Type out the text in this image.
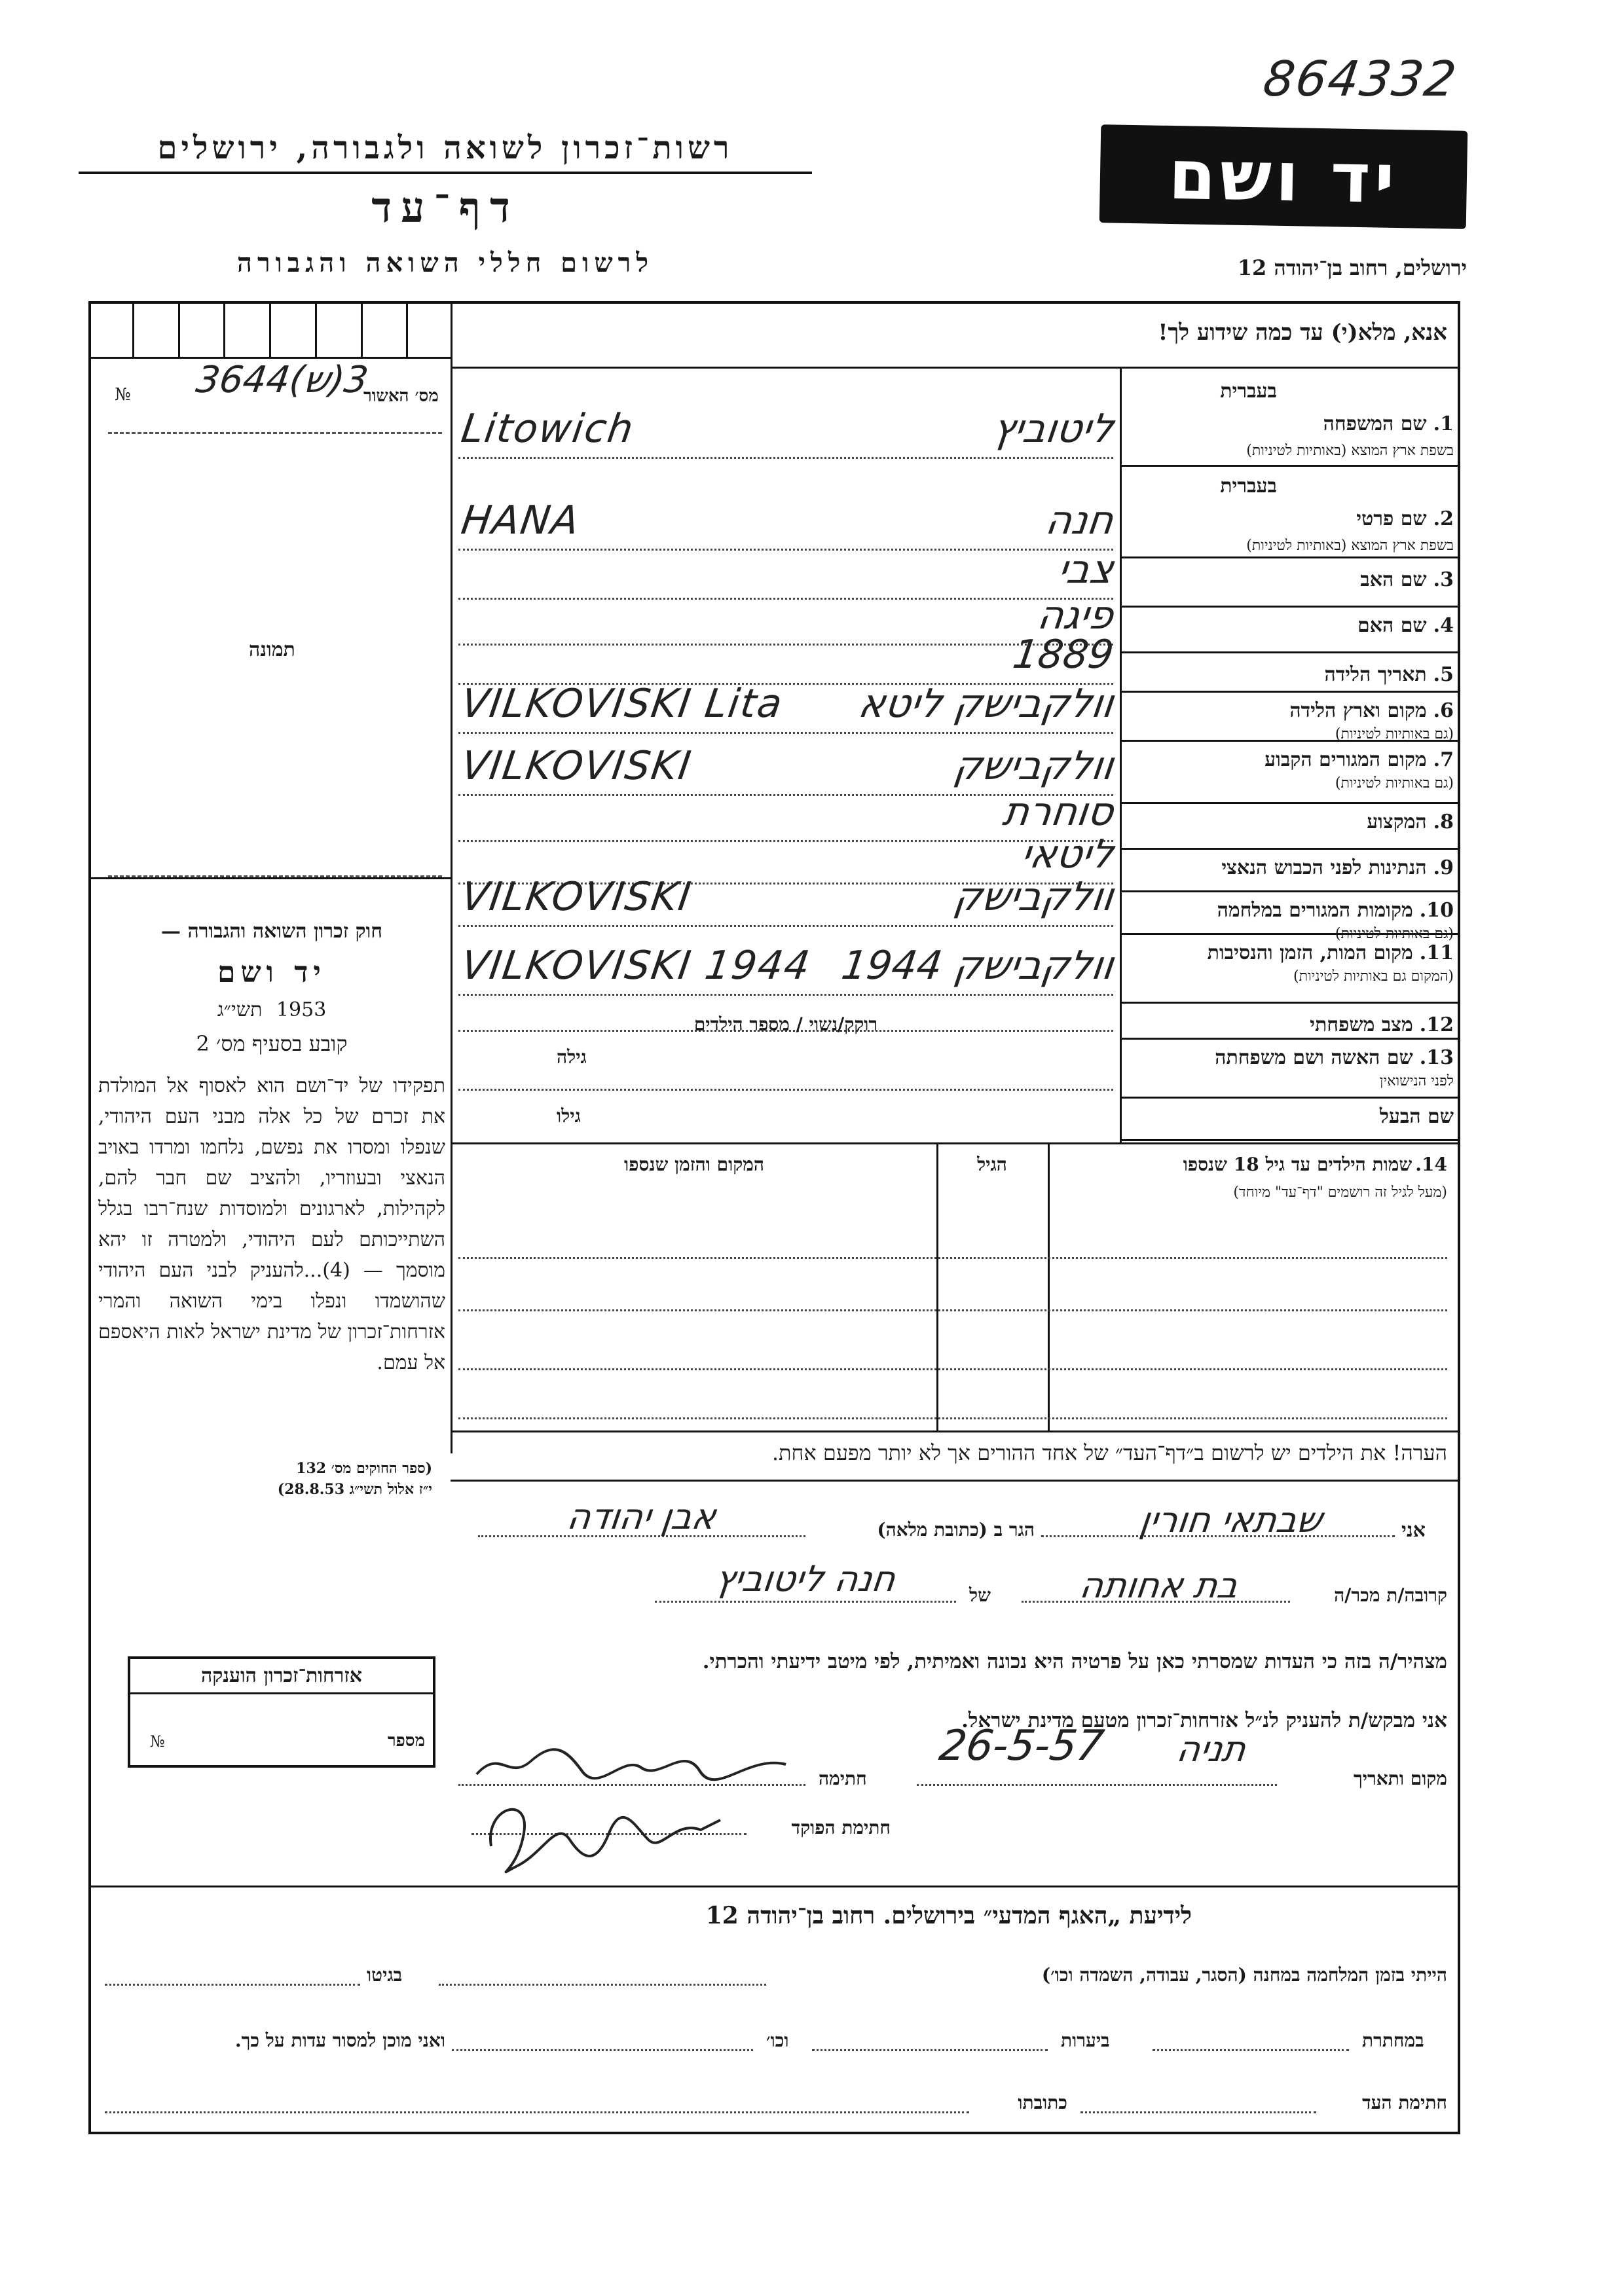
864332
רשות־זכרון לשואה ולגבורה, ירושלים
דף־עד
לרשום חללי השואה והגבורה
יד ושם
ירושלים, רחוב בן־יהודה 12
אנא, מלא(י) עד כמה שידוע לך!
3644(ש)3
№	מס׳ האשור
תמונה
חוק זכרון השואה והגבורה —
יד ושם
תשי״ג 1953
קובע בסעיף מס׳ 2
תפקידו של יד־ושם הוא לאסוף אל המולדת את זכרם של כל אלה מבני העם היהודי, שנפלו ומסרו את נפשם, נלחמו ומרדו באויב הנאצי ובעוזריו, ולהציב שם חבר להם, לקהילות, לארגונים ולמוסדות שנח־רבו בגלל השתייכותם לעם היהודי, ולמטרה זו יהא מוסמך — (4)...להעניק לבני העם היהודי שהושמדו ונפלו בימי השואה והמרי אזרחות־זכרון של מדינת ישראל לאות היאספם אל עמם.
(ספר החוקים מס׳ 132
י״ז אלול תשי״ג 28.8.53)
1.שם המשפחה
בעברית
בשפת ארץ המוצא (באותיות לטיניות)
ליטוביץ
Litowich
2.שם פרטי
בעברית
בשפת ארץ המוצא (באותיות לטיניות)
חנה
HANA
3.שם האב
צבי
4.שם האם
פיגה
5.תאריך הלידה
1889
6.מקום וארץ הלידה
(גם באותיות לטיניות)
וולקבישק ליטא
VILKOVISKI Lita
7.מקום המגורים הקבוע
(גם באותיות לטיניות)
וולקבישק
VILKOVISKI
8.המקצוע
סוחרת
9.הנתינות לפני הכבוש הנאצי
ליטאי
10.מקומות המגורים במלחמה
(גם באותיות לטיניות)
וולקבישק
VILKOVISKI
11.מקום המות, הזמן והנסיבות
(המקום גם באותיות לטיניות)
וולקבישק 1944
VILKOVISKI 1944
12.מצב משפחתי
רוקק/נשוי / מספר הילדים
13.שם האשה ושם משפחתה
לפני הנישואין
גילה
שם הבעל
גילו
14. שמות הילדים עד גיל 18 שנספו
(מעל לגיל זה רושמים "דף־עד" מיוחד)
הגיל
המקום והזמן שנספו
הערה! את הילדים יש לרשום ב״דף־העד״ של אחד ההורים אך לא יותר מפעם אחת.
אני
שבתאי חורין
הגר ב (כתובת מלאה)
אבן יהודה
קרובה/ת מכר/ה
בת אחותה
של
חנה ליטוביץ
מצהיר/ה בזה כי העדות שמסרתי כאן על פרטיה היא נכונה ואמיתית, לפי מיטב ידיעתי והכרתי.
אני מבקש/ת להעניק לנ״ל אזרחות־זכרון מטעם מדינת ישראל.
מקום ותאריך
תניה
26-5-57
חתימה
חתימת הפוקד
אזרחות־זכרון הוענקה
מספר
№
לידיעת „האגף המדעי״ בירושלים. רחוב בן־יהודה 12
הייתי בזמן המלחמה במחנה (הסגר, עבודה, השמדה וכו׳)
בגיטו
במחתרת
ביערות
וכו׳
ואני מוכן למסור עדות על כך.
חתימת העד
כתובתו
